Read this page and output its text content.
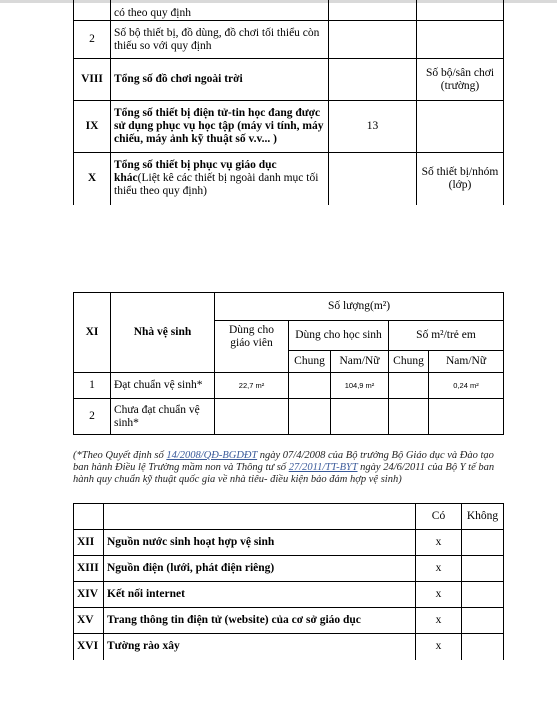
	có theo quy định		
2	Số bộ thiết bị, đồ dùng, đồ chơi tối thiểu còn thiếu so với quy định		
VIII	Tổng số đồ chơi ngoài trời		Số bộ/sân chơi (trường)
IX	Tổng số thiết bị điện tử-tin học đang được sử dụng phục vụ học tập (máy vi tính, máy chiếu, máy ảnh kỹ thuật số v.v... )	13	
X	Tổng số thiết bị phục vụ giáo dục khác(Liệt kê các thiết bị ngoài danh mục tối thiểu theo quy định)		Số thiết bị/nhóm (lớp)
XI	Nhà vệ sinh	Số lượng(m²)				
		Dùng cho giáo viên	Dùng cho học sinh		Số m²/trẻ em	
			Chung	Nam/Nữ	Chung	Nam/Nữ
1	Đạt chuẩn vệ sinh*	22,7 m²		104,9 m²		0,24 m²
2	Chưa đạt chuẩn vệ sinh*					
(*Theo Quyết định số 14/2008/QĐ-BGDĐT ngày 07/4/2008 của Bộ trưởng Bộ Giáo dục và Đào tạo ban hành Điều lệ Trường mầm non và Thông tư số 27/2011/TT-BYT ngày 24/6/2011 của Bộ Y tế ban hành quy chuẩn kỹ thuật quốc gia về nhà tiêu- điều kiện bảo đảm hợp vệ sinh)
		Có	Không
XII	Nguồn nước sinh hoạt hợp vệ sinh	x	
XIII	Nguồn điện (lưới, phát điện riêng)	x	
XIV	Kết nối internet	x	
XV	Trang thông tin điện tử (website) của cơ sở giáo dục	x	
XVI	Tường rào xây	x	
